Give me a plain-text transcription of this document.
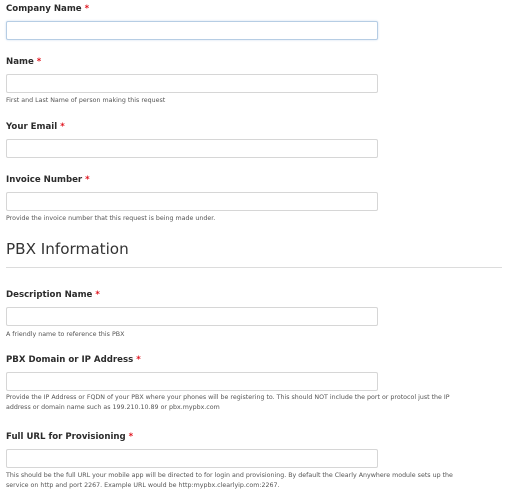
Company Name *
Name *
First and Last Name of person making this request
Your Email *
Invoice Number *
Provide the invoice number that this request is being made under.
PBX Information
Description Name *
A friendly name to reference this PBX
PBX Domain or IP Address *
Provide the IP Address or FQDN of your PBX where your phones will be registering to. This should NOT include the port or protocol just the IP
address or domain name such as 199.210.10.89 or pbx.mypbx.com
Full URL for Provisioning *
This should be the full URL your mobile app will be directed to for login and provisioning. By default the Clearly Anywhere module sets up the
service on http and port 2267. Example URL would be http:mypbx.clearlyip.com:2267.
